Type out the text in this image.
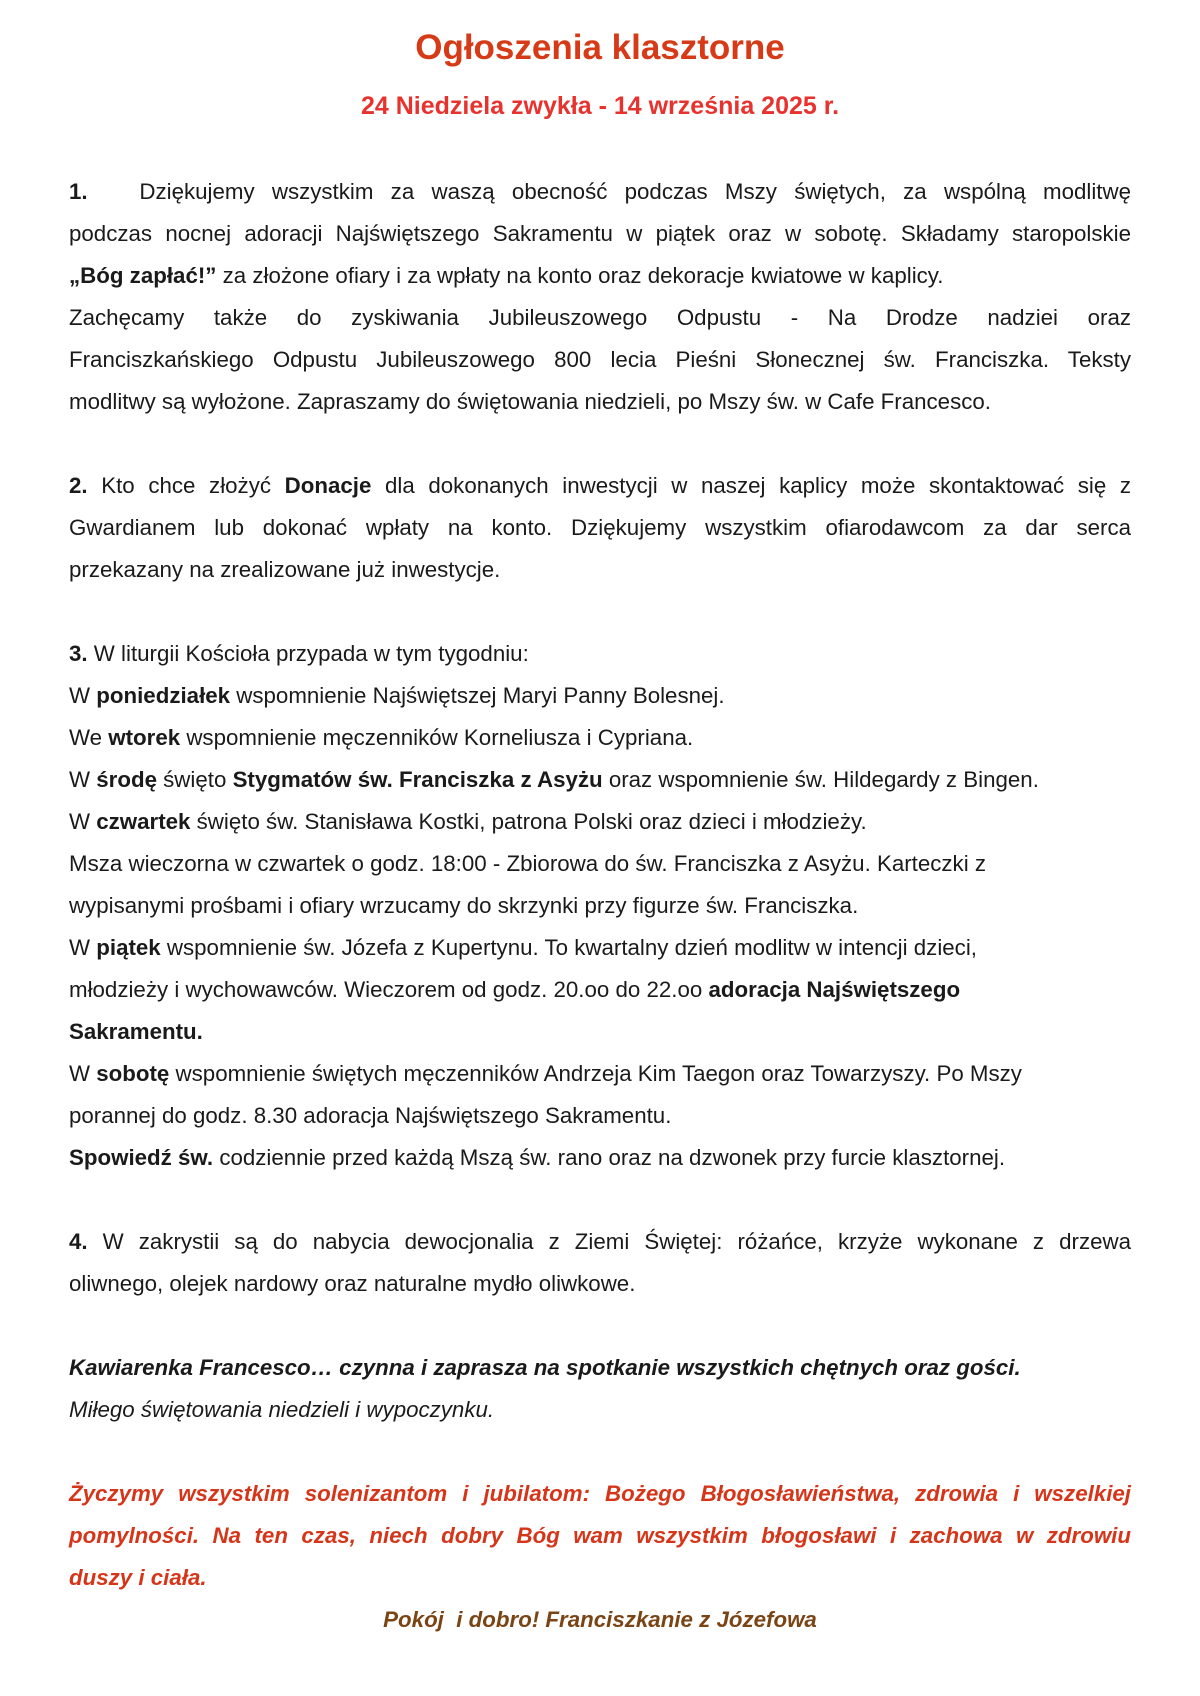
Ogłoszenia klasztorne
24 Niedziela zwykła - 14 września 2025 r.

1. Dziękujemy wszystkim za waszą obecność podczas Mszy świętych, za wspólną modlitwę

podczas nocnej adoracji Najświętszego Sakramentu w piątek oraz w sobotę. Składamy staropolskie

„Bóg zapłać!” za złożone ofiary i za wpłaty na konto oraz dekoracje kwiatowe w kaplicy.

Zachęcamy także do zyskiwania Jubileuszowego Odpustu - Na Drodze nadziei oraz

Franciszkańskiego Odpustu Jubileuszowego 800 lecia Pieśni Słonecznej św. Franciszka. Teksty

modlitwy są wyłożone. Zapraszamy do świętowania niedzieli, po Mszy św. w Cafe Francesco.

2. Kto chce złożyć Donacje dla dokonanych inwestycji w naszej kaplicy może skontaktować się z

Gwardianem lub dokonać wpłaty na konto. Dziękujemy wszystkim ofiarodawcom za dar serca

przekazany na zrealizowane już inwestycje.

3. W liturgii Kościoła przypada w tym tygodniu:

W poniedziałek wspomnienie Najświętszej Maryi Panny Bolesnej.

We wtorek wspomnienie męczenników Korneliusza i Cypriana.

W środę święto Stygmatów św. Franciszka z Asyżu oraz wspomnienie św. Hildegardy z Bingen.

W czwartek święto św. Stanisława Kostki, patrona Polski oraz dzieci i młodzieży.

Msza wieczorna w czwartek o godz. 18:00 - Zbiorowa do św. Franciszka z Asyżu. Karteczki z

wypisanymi prośbami i ofiary wrzucamy do skrzynki przy figurze św. Franciszka.

W piątek wspomnienie św. Józefa z Kupertynu. To kwartalny dzień modlitw w intencji dzieci,

młodzieży i wychowawców. Wieczorem od godz. 20.oo do 22.oo adoracja Najświętszego

Sakramentu.

W sobotę wspomnienie świętych męczenników Andrzeja Kim Taegon oraz Towarzyszy. Po Mszy

porannej do godz. 8.30 adoracja Najświętszego Sakramentu.

Spowiedź św. codziennie przed każdą Mszą św. rano oraz na dzwonek przy furcie klasztornej.

4. W zakrystii są do nabycia dewocjonalia z Ziemi Świętej: różańce, krzyże wykonane z drzewa

oliwnego, olejek nardowy oraz naturalne mydło oliwkowe.

Kawiarenka Francesco… czynna i zaprasza na spotkanie wszystkich chętnych oraz gości.

Miłego świętowania niedzieli i wypoczynku.

Życzymy wszystkim solenizantom i jubilatom: Bożego Błogosławieństwa, zdrowia i wszelkiej

pomylności. Na ten czas, niech dobry Bóg wam wszystkim błogosławi i zachowa w zdrowiu

duszy i ciała.

Pokój  i dobro! Franciszkanie z Józefowa
